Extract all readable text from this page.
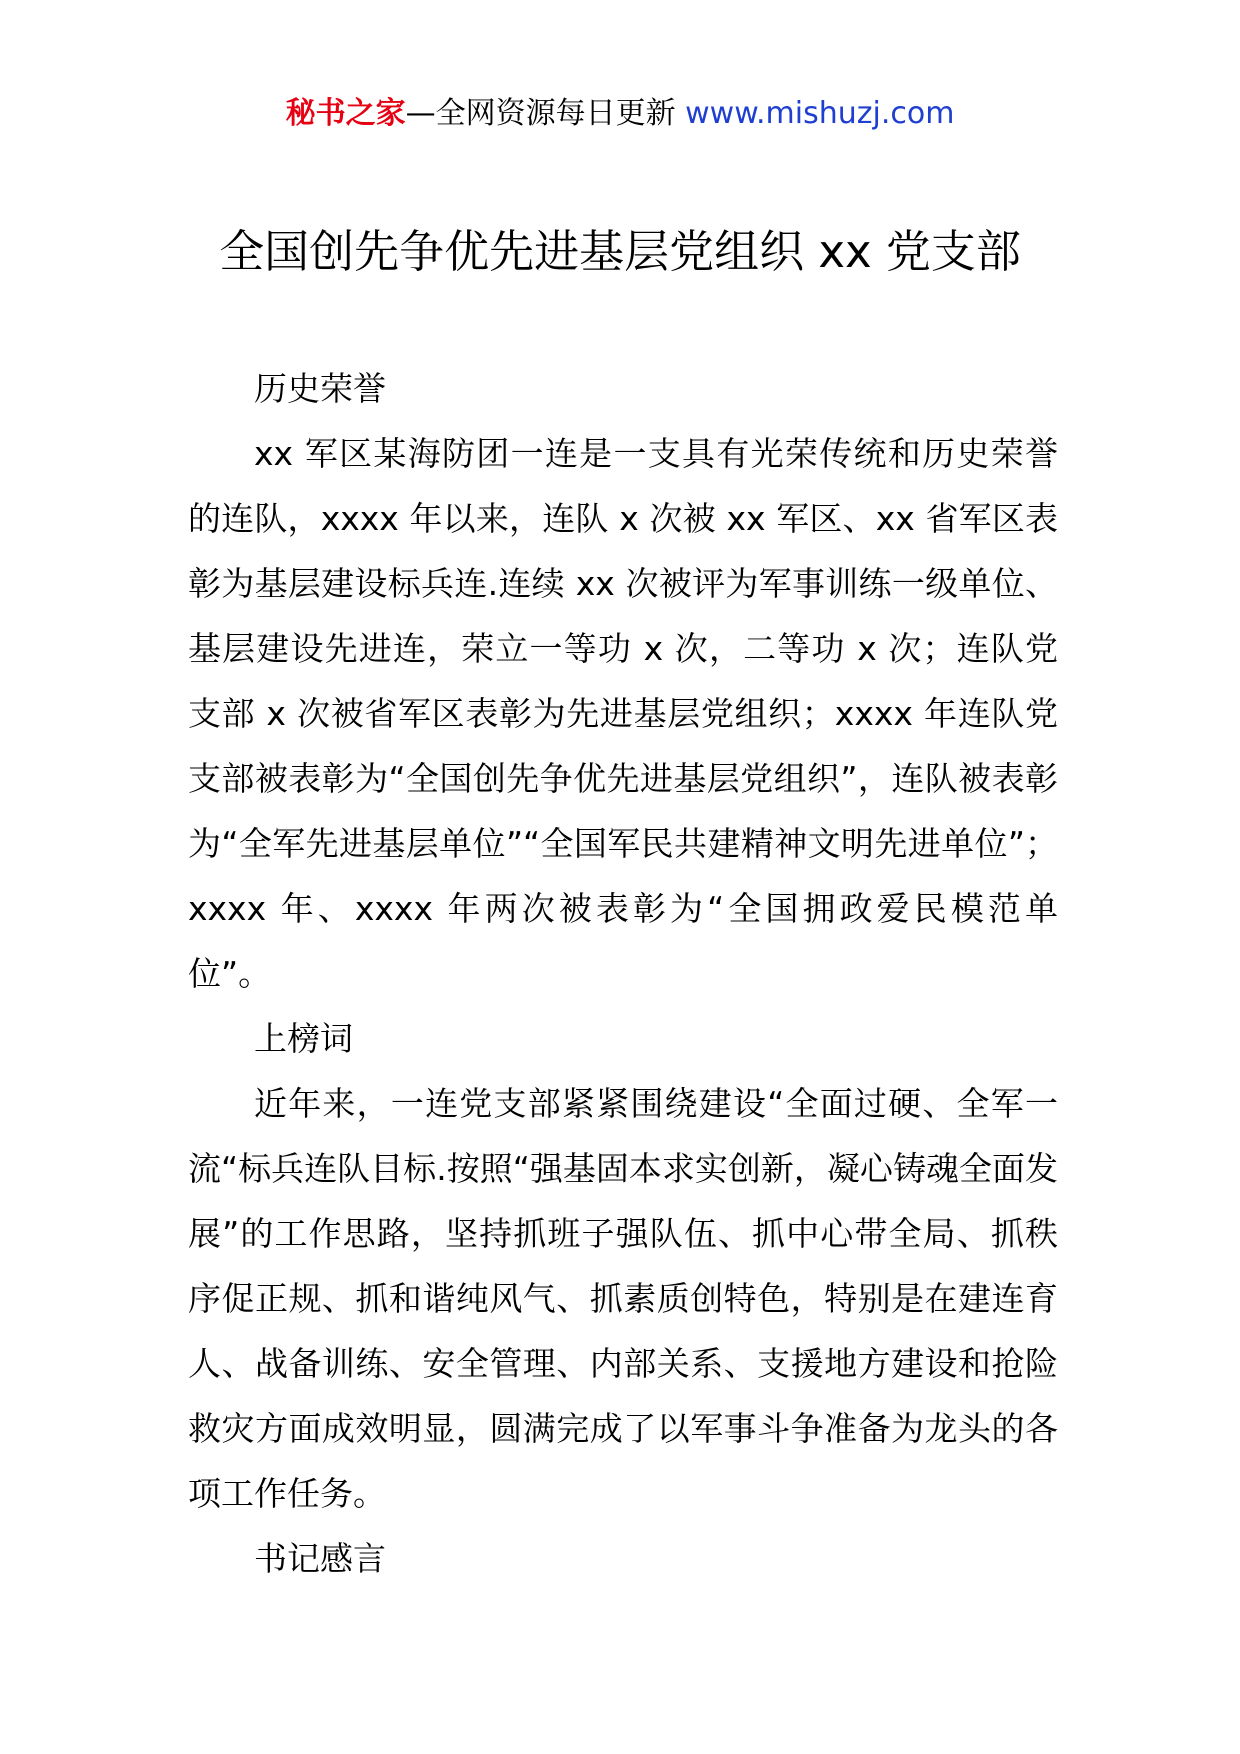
秘书之家—全网资源每日更新 www.mishuzj.com
全国创先争优先进基层党组织 xx 党支部

历史荣誉

xx 军区某海防团一连是一支具有光荣传统和历史荣誉的连队，xxxx 年以来，连队 x 次被 xx 军区、xx 省军区表彰为基层建设标兵连.连续 xx 次被评为军事训练一级单位、基层建设先进连，荣立一等功 x 次，二等功 x 次；连队党支部 x 次被省军区表彰为先进基层党组织；xxxx 年连队党支部被表彰为“全国创先争优先进基层党组织”，连队被表彰为“全军先进基层单位”“全国军民共建精神文明先进单位”；xxxx 年、xxxx 年两次被表彰为“全国拥政爱民模范单位”。

上榜词

近年来，一连党支部紧紧围绕建设“全面过硬、全军一流“标兵连队目标.按照“强基固本求实创新，凝心铸魂全面发展”的工作思路，坚持抓班子强队伍、抓中心带全局、抓秩序促正规、抓和谐纯风气、抓素质创特色，特别是在建连育人、战备训练、安全管理、内部关系、支援地方建设和抢险救灾方面成效明显，圆满完成了以军事斗争准备为龙头的各项工作任务。

书记感言
